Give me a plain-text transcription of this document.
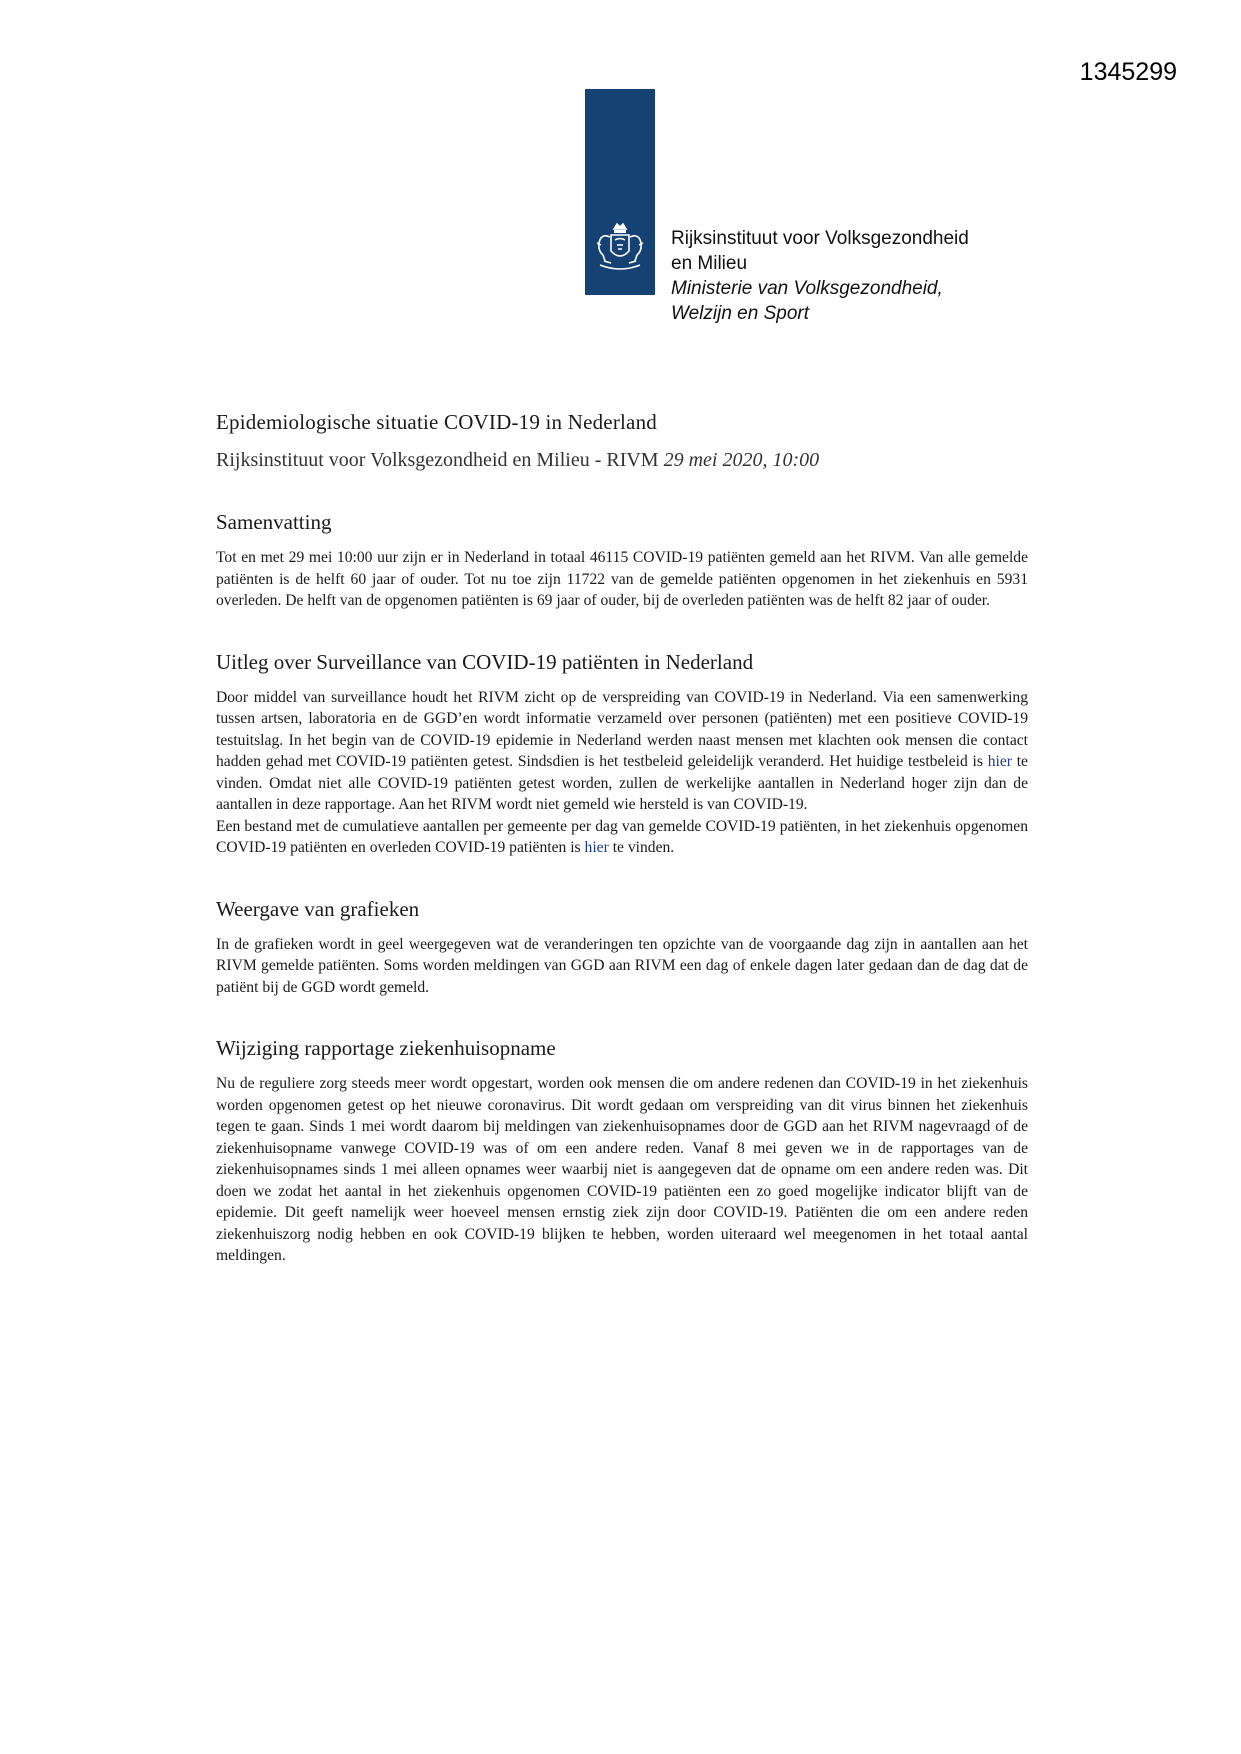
1345299
Rijksinstituut voor Volksgezondheid
en Milieu
Ministerie van Volksgezondheid,
Welzijn en Sport
Epidemiologische situatie COVID-19 in Nederland
Rijksinstituut voor Volksgezondheid en Milieu - RIVM 29 mei 2020, 10:00
Samenvatting

Tot en met 29 mei 10:00 uur zijn er in Nederland in totaal 46115 COVID-19 patiënten gemeld aan het RIVM. Van alle gemelde patiënten is de helft 60 jaar of ouder. Tot nu toe zijn 11722 van de gemelde patiënten opgenomen in het ziekenhuis en 5931 overleden. De helft van de opgenomen patiënten is 69 jaar of ouder, bij de overleden patiënten was de helft 82 jaar of ouder.

Uitleg over Surveillance van COVID-19 patiënten in Nederland

Door middel van surveillance houdt het RIVM zicht op de verspreiding van COVID-19 in Nederland. Via een samenwerking tussen artsen, laboratoria en de GGD’en wordt informatie verzameld over personen (patiënten) met een positieve COVID-19 testuitslag. In het begin van de COVID-19 epidemie in Nederland werden naast mensen met klachten ook mensen die contact hadden gehad met COVID-19 patiënten getest. Sindsdien is het testbeleid geleidelijk veranderd. Het huidige testbeleid is hier te vinden. Omdat niet alle COVID-19 patiënten getest worden, zullen de werkelijke aantallen in Nederland hoger zijn dan de aantallen in deze rapportage. Aan het RIVM wordt niet gemeld wie hersteld is van COVID-19.

Een bestand met de cumulatieve aantallen per gemeente per dag van gemelde COVID-19 patiënten, in het ziekenhuis opgenomen COVID-19 patiënten en overleden COVID-19 patiënten is hier te vinden.

Weergave van grafieken

In de grafieken wordt in geel weergegeven wat de veranderingen ten opzichte van de voorgaande dag zijn in aantallen aan het RIVM gemelde patiënten. Soms worden meldingen van GGD aan RIVM een dag of enkele dagen later gedaan dan de dag dat de patiënt bij de GGD wordt gemeld.

Wijziging rapportage ziekenhuisopname

Nu de reguliere zorg steeds meer wordt opgestart, worden ook mensen die om andere redenen dan COVID-19 in het ziekenhuis worden opgenomen getest op het nieuwe coronavirus. Dit wordt gedaan om verspreiding van dit virus binnen het ziekenhuis tegen te gaan. Sinds 1 mei wordt daarom bij meldingen van ziekenhuisopnames door de GGD aan het RIVM nagevraagd of de ziekenhuisopname vanwege COVID-19 was of om een andere reden. Vanaf 8 mei geven we in de rapportages van de ziekenhuisopnames sinds 1 mei alleen opnames weer waarbij niet is aangegeven dat de opname om een andere reden was. Dit doen we zodat het aantal in het ziekenhuis opgenomen COVID-19 patiënten een zo goed mogelijke indicator blijft van de epidemie. Dit geeft namelijk weer hoeveel mensen ernstig ziek zijn door COVID-19. Patiënten die om een andere reden ziekenhuiszorg nodig hebben en ook COVID-19 blijken te hebben, worden uiteraard wel meegenomen in het totaal aantal meldingen.
